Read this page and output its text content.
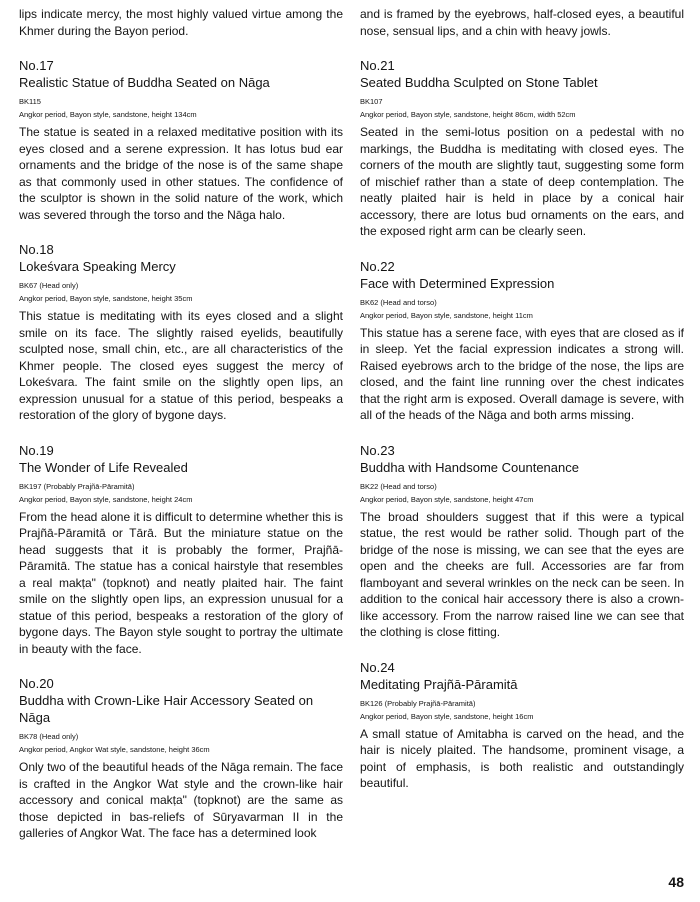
lips indicate mercy, the most highly valued virtue among the Khmer during the Bayon period.

No.17

Realistic Statue of Buddha Seated on Nāga

BK115

Angkor period, Bayon style, sandstone, height 134cm

The statue is seated in a relaxed meditative position with its eyes closed and a serene expression. It has lotus bud ear ornaments and the bridge of the nose is of the same shape as that commonly used in other statues. The confidence of the sculptor is shown in the solid nature of the work, which was severed through the torso and the Nāga halo.

No.18

Lokeśvara Speaking Mercy

BK67 (Head only)

Angkor period, Bayon style, sandstone, height 35cm

This statue is meditating with its eyes closed and a slight smile on its face. The slightly raised eyelids, beautifully sculpted nose, small chin, etc., are all characteristics of the Khmer people. The closed eyes suggest the mercy of Lokeśvara. The faint smile on the slightly open lips, an expression unusual for a statue of this period, bespeaks a restoration of the glory of bygone days.

No.19

The Wonder of Life Revealed

BK197 (Probably Prajñā-Pāramitā)

Angkor period, Bayon style, sandstone, height 24cm

From the head alone it is difficult to determine whether this is Prajñā-Pāramitā or Tārā. But the miniature statue on the head suggests that it is probably the former, Prajñā-Pāramitā. The statue has a conical hairstyle that resembles a real makṭa" (topknot) and neatly plaited hair. The faint smile on the slightly open lips, an expression unusual for a statue of this period, bespeaks a restoration of the glory of bygone days. The Bayon style sought to portray the ultimate in beauty with the face.

No.20

Buddha with Crown-Like Hair Accessory Seated on Nāga

BK78 (Head only)

Angkor period, Angkor Wat style, sandstone, height 36cm

Only two of the beautiful heads of the Nāga remain. The face is crafted in the Angkor Wat style and the crown-like hair accessory and conical makṭa" (topknot) are the same as those depicted in bas-reliefs of Sūryavarman II in the galleries of Angkor Wat. The face has a determined look

and is framed by the eyebrows, half-closed eyes, a beautiful nose, sensual lips, and a chin with heavy jowls.

No.21

Seated Buddha Sculpted on Stone Tablet

BK107

Angkor period, Bayon style, sandstone, height 86cm, width 52cm

Seated in the semi-lotus position on a pedestal with no markings, the Buddha is meditating with closed eyes. The corners of the mouth are slightly taut, suggesting some form of mischief rather than a state of deep contemplation. The neatly plaited hair is held in place by a conical hair accessory, there are lotus bud ornaments on the ears, and the exposed right arm can be clearly seen.

No.22

Face with Determined Expression

BK62 (Head and torso)

Angkor period, Bayon style, sandstone, height 11cm

This statue has a serene face, with eyes that are closed as if in sleep. Yet the facial expression indicates a strong will. Raised eyebrows arch to the bridge of the nose, the lips are closed, and the faint line running over the chest indicates that the right arm is exposed. Overall damage is severe, with all of the heads of the Nāga and both arms missing.

No.23

Buddha with Handsome Countenance

BK22 (Head and torso)

Angkor period, Bayon style, sandstone, height 47cm

The broad shoulders suggest that if this were a typical statue, the rest would be rather solid. Though part of the bridge of the nose is missing, we can see that the eyes are open and the cheeks are full. Accessories are far from flamboyant and several wrinkles on the neck can be seen. In addition to the conical hair accessory there is also a crown-like accessory. From the narrow raised line we can see that the clothing is close fitting.

No.24

Meditating Prajñā-Pāramitā

BK126 (Probably Prajñā-Pāramitā)

Angkor period, Bayon style, sandstone, height 16cm

A small statue of Amitabha is carved on the head, and the hair is nicely plaited. The handsome, prominent visage, a point of emphasis, is both realistic and outstandingly beautiful.

48
